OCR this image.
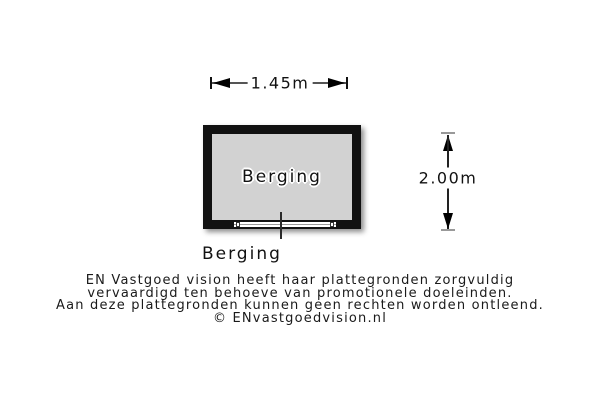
1.45m
Berging	2.00m
Berging
EN Vastgoed vision heeft haar plattegronden zorgvuldig
vervaardigd ten behoeve van promotionele doeleinden.
Aan deze plattegronden kunnen geen rechten worden ontleend.
© ENvastgoedvision.nl
